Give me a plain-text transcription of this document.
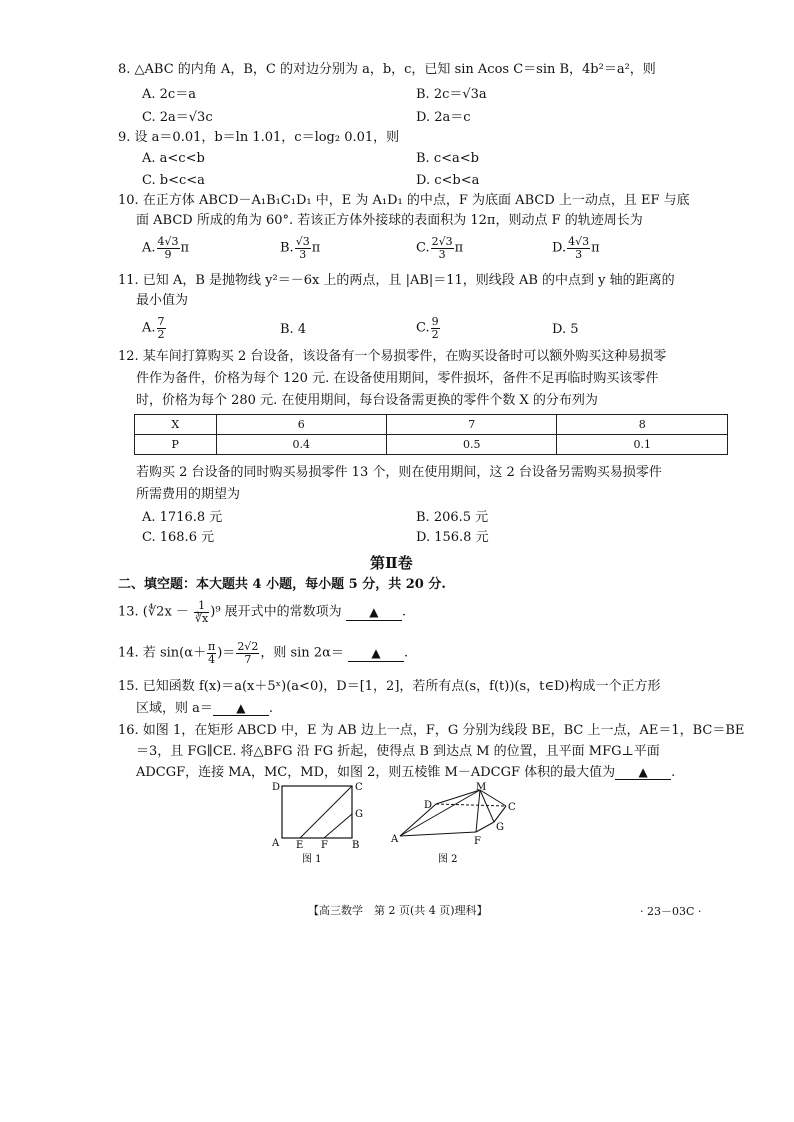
8. △ABC 的内角 A，B，C 的对边分别为 a，b，c，已知 sin Acos C＝sin B，4b²＝a²，则
A. 2c＝a	B. 2c＝√3a
C. 2a＝√3c	D. 2a＝c
9. 设 a＝0.01，b＝ln 1.01，c＝log₂ 0.01，则
A. a<c<b	B. c<a<b
C. b<c<a	D. c<b<a
10. 在正方体 ABCD－A₁B₁C₁D₁ 中，E 为 A₁D₁ 的中点，F 为底面 ABCD 上一动点，且 EF 与底
面 ABCD 所成的角为 60°. 若该正方体外接球的表面积为 12π，则动点 F 的轨迹周长为
A. $\frac{4√3}{9}$ π	B. $\frac{√3}{3}$ π	C. $\frac{2√3}{3}$ π	D. $\frac{4√3}{3}$ π
11. 已知 A，B 是抛物线 y²＝－6x 上的两点，且 |AB|＝11，则线段 AB 的中点到 y 轴的距离的
最小值为
A. $\frac{7}{2}$	B. 4	C. $\frac{9}{2}$	D. 5
12. 某车间打算购买 2 台设备，该设备有一个易损零件，在购买设备时可以额外购买这种易损零
件作为备件，价格为每个 120 元. 在设备使用期间，零件损坏，备件不足再临时购买该零件
时，价格为每个 280 元. 在使用期间，每台设备需更换的零件个数 X 的分布列为
X	6	7	8
P	0.4	0.5	0.1
若购买 2 台设备的同时购买易损零件 13 个，则在使用期间，这 2 台设备另需购买易损零件
所需费用的期望为
A. 1716.8 元	B. 206.5 元
C. 168.6 元	D. 156.8 元
第Ⅱ卷
二、填空题：本大题共 4 小题，每小题 5 分，共 20 分.
13. (∜2x － $\frac{1}{∛x} )^9$ 展开式中的常数项为 ▲ .
14. 若 $\sin(\alpha+ \frac{\pi}{4}$ )＝ $\frac{2√2}{7}$ ，则 sin 2α＝ ▲ .
15. 已知函数 f(x)＝a(x＋5ˣ)(a<0)，D＝[1，2]，若所有点(s，f(t))(s，t∈D)构成一个正方形
区域，则 a＝ ▲ .
16. 如图 1，在矩形 ABCD 中，E 为 AB 边上一点，F，G 分别为线段 BE，BC 上一点，AE＝1，BC＝BE
＝3，且 FG∥CE. 将△BFG 沿 FG 折起，使得点 B 到达点 M 的位置，且平面 MFG⊥平面
ADCGF，连接 MA，MC，MD，如图 2，则五棱锥 M－ADCGF 体积的最大值为 ▲ .
D	C
G
A E F B
图 1
D
M
C
G
A	F
图 2
【高三数学　第 2 页(共 4 页)理科】	· 23－03C ·
